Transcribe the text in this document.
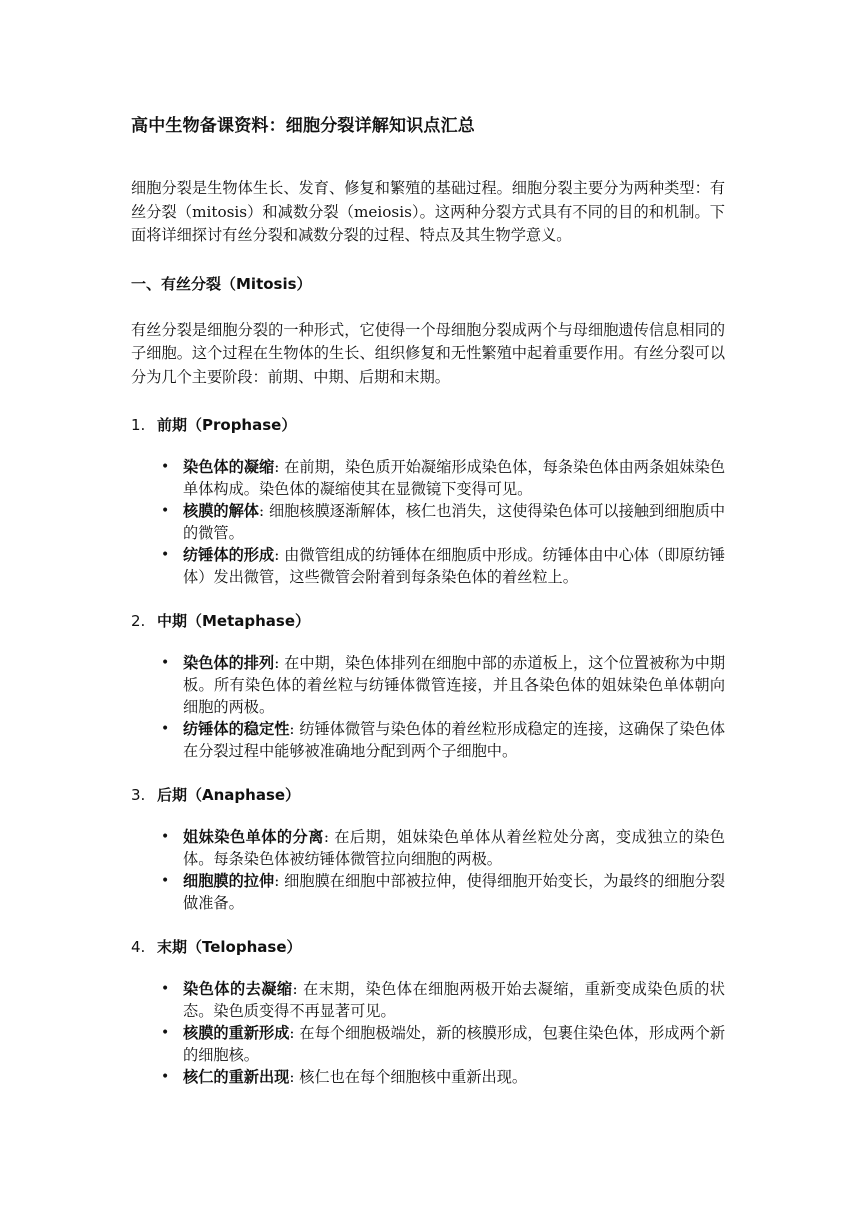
高中生物备课资料：细胞分裂详解知识点汇总

细胞分裂是生物体生长、发育、修复和繁殖的基础过程。细胞分裂主要分为两种类型：有丝分裂（mitosis）和减数分裂（meiosis）。这两种分裂方式具有不同的目的和机制。下面将详细探讨有丝分裂和减数分裂的过程、特点及其生物学意义。

一、有丝分裂（Mitosis）

有丝分裂是细胞分裂的一种形式，它使得一个母细胞分裂成两个与母细胞遗传信息相同的子细胞。这个过程在生物体的生长、组织修复和无性繁殖中起着重要作用。有丝分裂可以分为几个主要阶段：前期、中期、后期和末期。

1. 前期（Prophase）
• 染色体的凝缩: 在前期，染色质开始凝缩形成染色体，每条染色体由两条姐妹染色单体构成。染色体的凝缩使其在显微镜下变得可见。
• 核膜的解体: 细胞核膜逐渐解体，核仁也消失，这使得染色体可以接触到细胞质中的微管。
• 纺锤体的形成: 由微管组成的纺锤体在细胞质中形成。纺锤体由中心体（即原纺锤体）发出微管，这些微管会附着到每条染色体的着丝粒上。
2. 中期（Metaphase）
• 染色体的排列: 在中期，染色体排列在细胞中部的赤道板上，这个位置被称为中期板。所有染色体的着丝粒与纺锤体微管连接，并且各染色体的姐妹染色单体朝向细胞的两极。
• 纺锤体的稳定性: 纺锤体微管与染色体的着丝粒形成稳定的连接，这确保了染色体在分裂过程中能够被准确地分配到两个子细胞中。
3. 后期（Anaphase）
• 姐妹染色单体的分离: 在后期，姐妹染色单体从着丝粒处分离，变成独立的染色体。每条染色体被纺锤体微管拉向细胞的两极。
• 细胞膜的拉伸: 细胞膜在细胞中部被拉伸，使得细胞开始变长，为最终的细胞分裂做准备。
4. 末期（Telophase）
• 染色体的去凝缩: 在末期，染色体在细胞两极开始去凝缩，重新变成染色质的状态。染色质变得不再显著可见。
• 核膜的重新形成: 在每个细胞极端处，新的核膜形成，包裹住染色体，形成两个新的细胞核。
• 核仁的重新出现: 核仁也在每个细胞核中重新出现。
